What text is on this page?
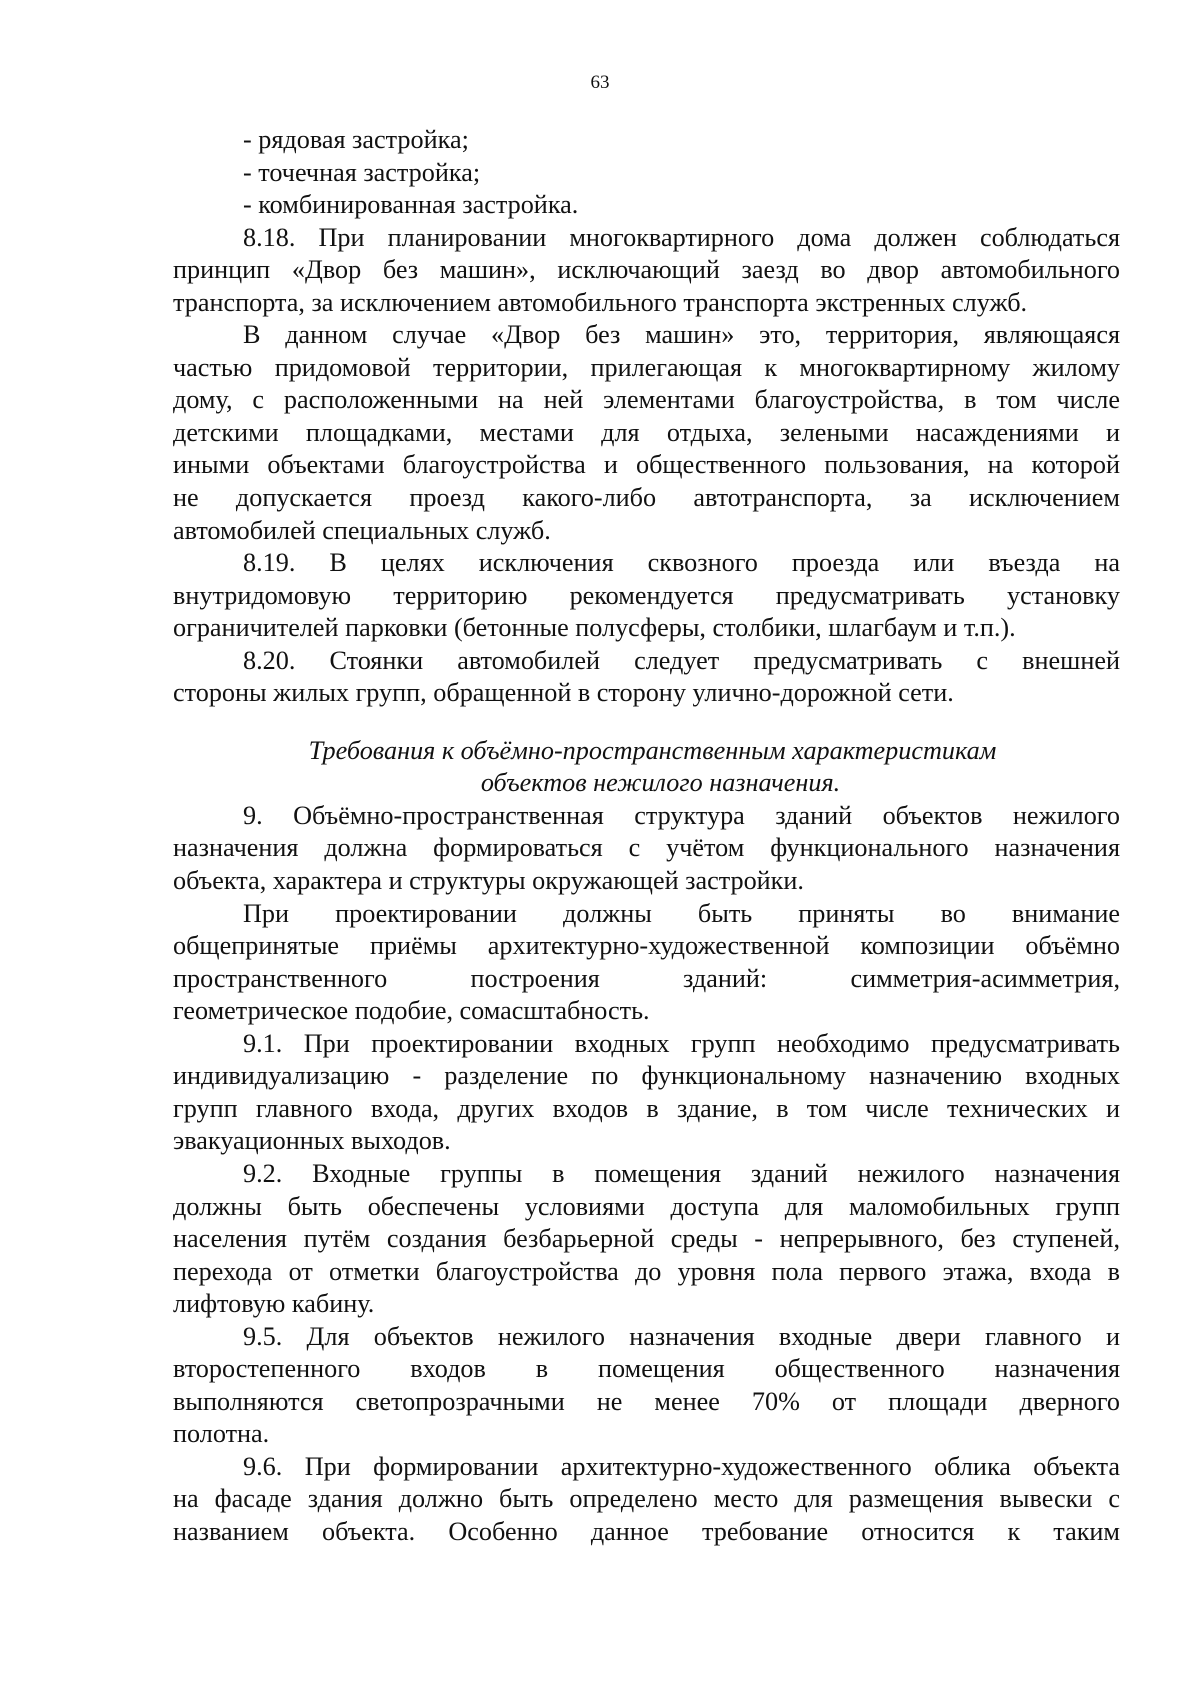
63
- рядовая застройка;
- точечная застройка;
- комбинированная застройка.
8.18. При планировании многоквартирного дома должен соблюдаться
принцип «Двор без машин», исключающий заезд во двор автомобильного
транспорта, за исключением автомобильного транспорта экстренных служб.
В данном случае «Двор без машин» это, территория, являющаяся
частью придомовой территории, прилегающая к многоквартирному жилому
дому, с расположенными на ней элементами благоустройства, в том числе
детскими площадками, местами для отдыха, зелеными насаждениями и
иными объектами благоустройства и общественного пользования, на которой
не допускается проезд какого-либо автотранспорта, за исключением
автомобилей специальных служб.
8.19. В целях исключения сквозного проезда или въезда на
внутридомовую территорию рекомендуется предусматривать установку
ограничителей парковки (бетонные полусферы, столбики, шлагбаум и т.п.).
8.20. Стоянки автомобилей следует предусматривать с внешней
стороны жилых групп, обращенной в сторону улично-дорожной сети.
Требования к объёмно-пространственным характеристикам
объектов нежилого назначения.
9. Объёмно-пространственная структура зданий объектов нежилого
назначения должна формироваться с учётом функционального назначения
объекта, характера и структуры окружающей застройки.
При проектировании должны быть приняты во внимание
общепринятые приёмы архитектурно-художественной композиции объёмно
пространственного построения зданий: симметрия-асимметрия,
геометрическое подобие, сомасштабность.
9.1. При проектировании входных групп необходимо предусматривать
индивидуализацию - разделение по функциональному назначению входных
групп главного входа, других входов в здание, в том числе технических и
эвакуационных выходов.
9.2. Входные группы в помещения зданий нежилого назначения
должны быть обеспечены условиями доступа для маломобильных групп
населения путём создания безбарьерной среды - непрерывного, без ступеней,
перехода от отметки благоустройства до уровня пола первого этажа, входа в
лифтовую кабину.
9.5. Для объектов нежилого назначения входные двери главного и
второстепенного входов в помещения общественного назначения
выполняются светопрозрачными не менее 70% от площади дверного
полотна.
9.6. При формировании архитектурно-художественного облика объекта
на фасаде здания должно быть определено место для размещения вывески с
названием объекта. Особенно данное требование относится к таким
